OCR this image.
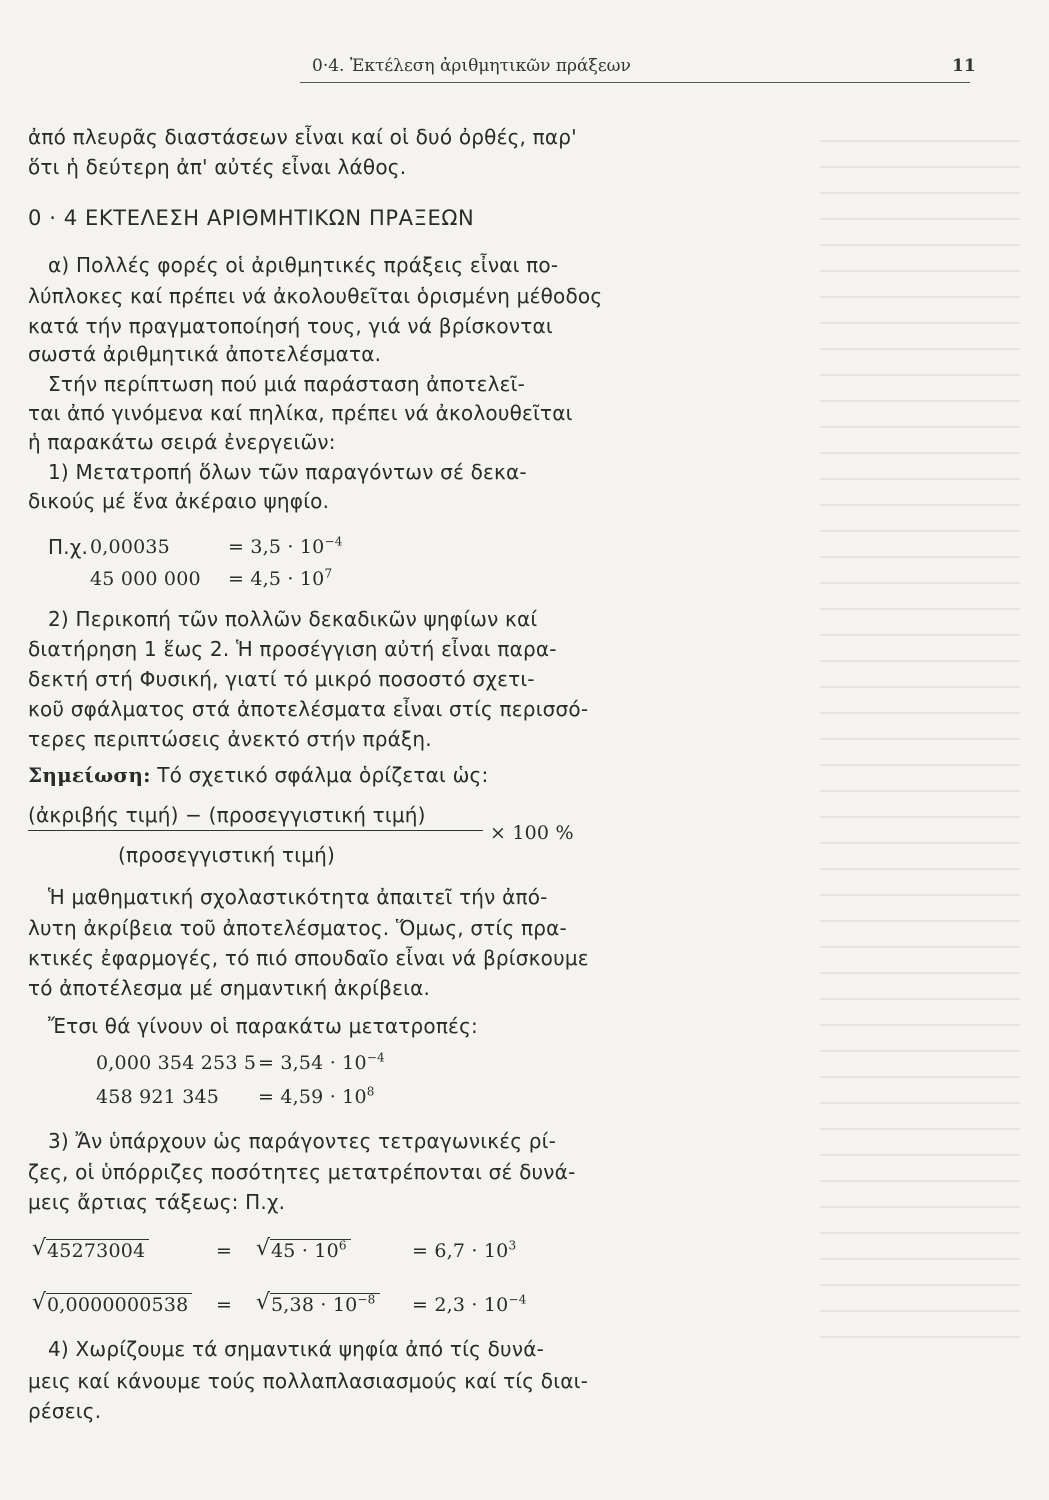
0·4. Ἐκτέλεση ἀριθμητικῶν πράξεων	11
ἀπό πλευρᾶς διαστάσεων εἶναι καί οἱ δυό ὀρθές, παρ'
ὅτι ἡ δεύτερη ἀπ' αὐτές εἶναι λάθος.
0 · 4 ΕΚΤΕΛΕΣΗ ΑΡΙΘΜΗΤΙΚΩΝ ΠΡΑΞΕΩΝ
α) Πολλές φορές οἱ ἀριθμητικές πράξεις εἶναι πο-
λύπλοκες καί πρέπει νά ἀκολουθεῖται ὁρισμένη μέθοδος
κατά τήν πραγματοποίησή τους, γιά νά βρίσκονται
σωστά ἀριθμητικά ἀποτελέσματα.
Στήν περίπτωση πού μιά παράσταση ἀποτελεῖ-
ται ἀπό γινόμενα καί πηλίκα, πρέπει νά ἀκολουθεῖται
ἡ παρακάτω σειρά ἐνεργειῶν:
1) Μετατροπή ὅλων τῶν παραγόντων σέ δεκα-
δικούς μέ ἕνα ἀκέραιο ψηφίο.
Π.χ. 0,00035	= $3,5 \cdot 10^{-4}$
45 000 $000 = 4,5 \cdot 10^7$
2) Περικοπή τῶν πολλῶν δεκαδικῶν ψηφίων καί
διατήρηση 1 ἕως 2. Ἡ προσέγγιση αὐτή εἶναι παρα-
δεκτή στή Φυσική, γιατί τό μικρό ποσοστό σχετι-
κοῦ σφάλματος στά ἀποτελέσματα εἶναι στίς περισσό-
τερες περιπτώσεις ἀνεκτό στήν πράξη.
Σημείωση: Τό σχετικό σφάλμα ὁρίζεται ὡς:
(ἀκριβής τιμή) − (προσεγγιστική τιμή)
× 100 %
(προσεγγιστική τιμή)
Ἡ μαθηματική σχολαστικότητα ἀπαιτεῖ τήν ἀπό-
λυτη ἀκρίβεια τοῦ ἀποτελέσματος. Ὅμως, στίς πρα-
κτικές ἐφαρμογές, τό πιό σπουδαῖο εἶναι νά βρίσκουμε
τό ἀποτέλεσμα μέ σημαντική ἀκρίβεια.
Ἔτσι θά γίνουν οἱ παρακάτω μετατροπές:
0,000 354 253 $5 = 3,54 \cdot 10^{-4}$
458 921 $345 = 4,59 \cdot 10^8$
3) Ἄν ὑπάρχουν ὡς παράγοντες τετραγωνικές ρί-
ζες, οἱ ὑπόρριζες ποσότητες μετατρέπονται σέ δυνά-
μεις ἄρτιας τάξεως: Π.χ.
√ 45273004	= √ $45 \cdot 10^6$	= $6,7 \cdot 10^3$
√ 0,0000000538 = √ $5,38 \cdot 10^{-8} = 2,3 \cdot 10^{-4}$
4) Χωρίζουμε τά σημαντικά ψηφία ἀπό τίς δυνά-
μεις καί κάνουμε τούς πολλαπλασιασμούς καί τίς διαι-
ρέσεις.
